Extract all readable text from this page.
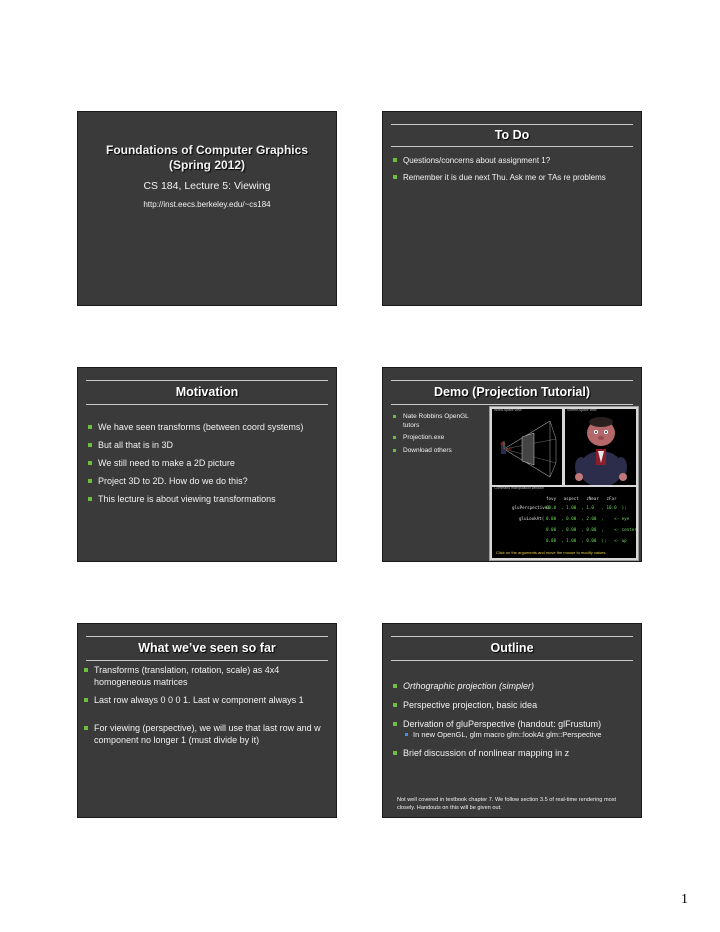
Foundations of Computer Graphics
(Spring 2012)
CS 184, Lecture 5: Viewing
http://inst.eecs.berkeley.edu/~cs184
To Do
Questions/concerns about assignment 1?
Remember it is due next Thu. Ask me or TAs re problems
Motivation
We have seen transforms (between coord systems)
But all that is in 3D
We still need to make a 2D picture
Project 3D to 2D. How do we do this?
This lecture is about viewing transformations
Demo (Projection Tutorial)
Nate Robbins OpenGL tutors
Projection.exe
Download others
World-space view	Screen-space view
Command manipulation window
fovy   aspect   zNear   zFar
gluPerspective(
60.0  , 1.00  , 1.0   , 10.0  );
gluLookAt( 0.00  , 0.00  , 2.00  ,    <- eye
0.00  , 0.00  , 0.00  ,    <- center
0.00  , 1.00  , 0.00  );   <- up
Click on the arguments and move the mouse to modify values.
What we’ve seen so far
Transforms (translation, rotation, scale) as 4x4 homogeneous matrices
Last row always 0 0 0 1. Last w component always 1
For viewing (perspective), we will use that last row and w component no longer 1 (must divide by it)
Outline
Orthographic projection (simpler)
Perspective projection, basic idea
Derivation of gluPerspective (handout: glFrustum)
In new OpenGL, glm macro glm::lookAt glm::Perspective
Brief discussion of nonlinear mapping in z
Not well covered in textbook chapter 7. We follow section 3.5 of real-time rendering most closely. Handouts on this will be given out.
1
